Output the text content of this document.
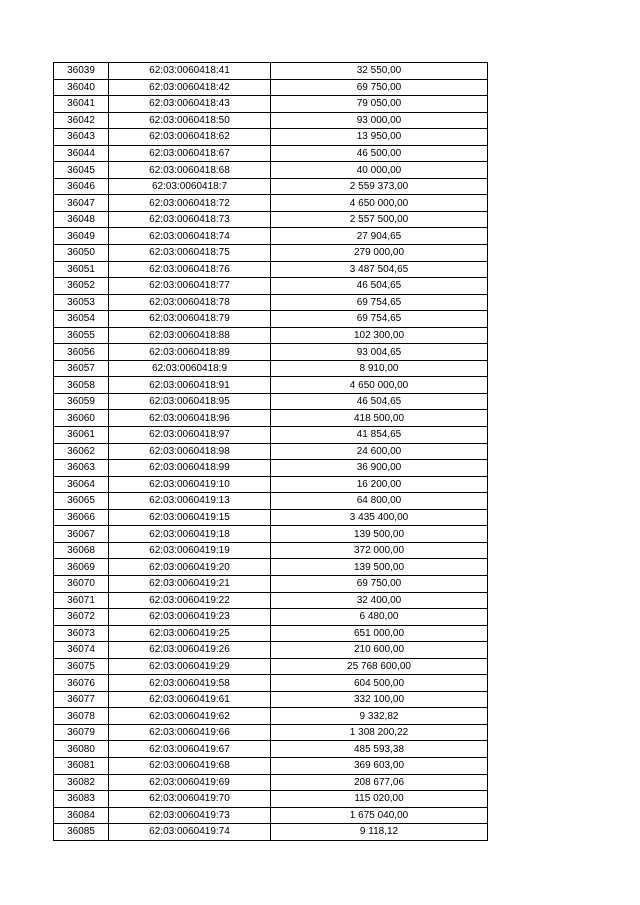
36039	62:03:0060418:41	32 550,00
36040	62:03:0060418:42	69 750,00
36041	62:03:0060418:43	79 050,00
36042	62:03:0060418:50	93 000,00
36043	62:03:0060418:62	13 950,00
36044	62:03:0060418:67	46 500,00
36045	62:03:0060418:68	40 000,00
36046	62:03:0060418:7	2 559 373,00
36047	62:03:0060418:72	4 650 000,00
36048	62:03:0060418:73	2 557 500,00
36049	62:03:0060418:74	27 904,65
36050	62:03:0060418:75	279 000,00
36051	62:03:0060418:76	3 487 504,65
36052	62:03:0060418:77	46 504,65
36053	62:03:0060418:78	69 754,65
36054	62:03:0060418:79	69 754,65
36055	62:03:0060418:88	102 300,00
36056	62:03:0060418:89	93 004,65
36057	62:03:0060418:9	8 910,00
36058	62:03:0060418:91	4 650 000,00
36059	62:03:0060418:95	46 504,65
36060	62:03:0060418:96	418 500,00
36061	62:03:0060418:97	41 854,65
36062	62:03:0060418:98	24 600,00
36063	62:03:0060418:99	36 900,00
36064	62:03:0060419:10	16 200,00
36065	62:03:0060419:13	64 800,00
36066	62:03:0060419:15	3 435 400,00
36067	62:03:0060419:18	139 500,00
36068	62:03:0060419:19	372 000,00
36069	62:03:0060419:20	139 500,00
36070	62:03:0060419:21	69 750,00
36071	62:03:0060419:22	32 400,00
36072	62:03:0060419:23	6 480,00
36073	62:03:0060419:25	651 000,00
36074	62:03:0060419:26	210 600,00
36075	62:03:0060419:29	25 768 600,00
36076	62:03:0060419:58	604 500,00
36077	62:03:0060419:61	332 100,00
36078	62:03:0060419:62	9 332,82
36079	62:03:0060419:66	1 308 200,22
36080	62:03:0060419:67	485 593,38
36081	62:03:0060419:68	369 603,00
36082	62:03:0060419:69	208 677,06
36083	62:03:0060419:70	115 020,00
36084	62:03:0060419:73	1 675 040,00
36085	62:03:0060419:74	9 118,12
